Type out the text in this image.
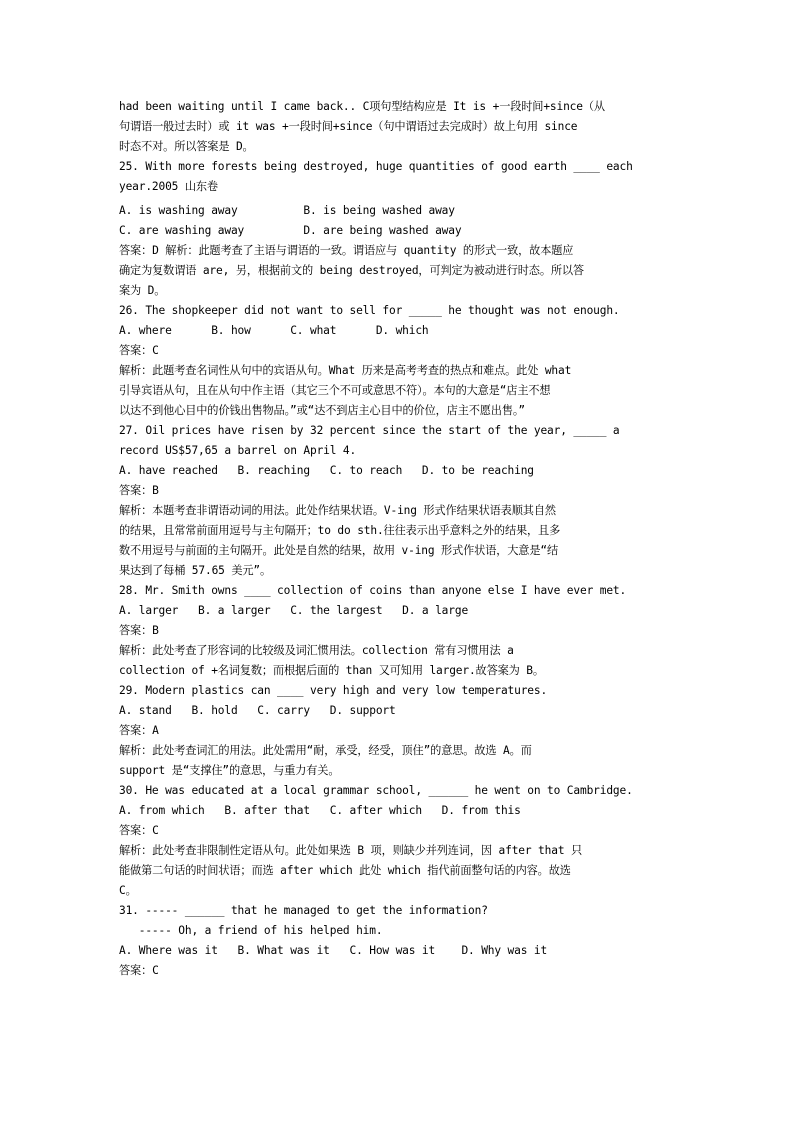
had been waiting until I came back.. C项句型结构应是 It is +一段时间+since（从
句谓语一般过去时）或 it was +一段时间+since（句中谓语过去完成时）故上句用 since
时态不对。所以答案是 D。
25. With more forests being destroyed, huge quantities of good earth ____ each
year.2005 山东卷
A. is washing away          B. is being washed away
C. are washing away         D. are being washed away
答案：D 解析：此题考查了主语与谓语的一致。谓语应与 quantity 的形式一致，故本题应
确定为复数谓语 are, 另，根据前文的 being destroyed，可判定为被动进行时态。所以答
案为 D。
26. The shopkeeper did not want to sell for _____ he thought was not enough.
A. where      B. how      C. what      D. which
答案：C
解析：此题考查名词性从句中的宾语从句。What 历来是高考考查的热点和难点。此处 what
引导宾语从句，且在从句中作主语（其它三个不可或意思不符）。本句的大意是“店主不想
以达不到他心目中的价钱出售物品。”或“达不到店主心目中的价位，店主不愿出售。”
27. Oil prices have risen by 32 percent since the start of the year, _____ a
record US$57,65 a barrel on April 4.
A. have reached   B. reaching   C. to reach   D. to be reaching
答案：B
解析：本题考查非谓语动词的用法。此处作结果状语。V-ing 形式作结果状语表顺其自然
的结果，且常常前面用逗号与主句隔开；to do sth.往往表示出乎意料之外的结果，且多
数不用逗号与前面的主句隔开。此处是自然的结果，故用 v-ing 形式作状语，大意是“结
果达到了每桶 57.65 美元”。
28. Mr. Smith owns ____ collection of coins than anyone else I have ever met.
A. larger   B. a larger   C. the largest   D. a large
答案：B
解析：此处考查了形容词的比较级及词汇惯用法。collection 常有习惯用法 a
collection of +名词复数；而根据后面的 than 又可知用 larger.故答案为 B。
29. Modern plastics can ____ very high and very low temperatures.
A. stand   B. hold   C. carry   D. support
答案：A
解析：此处考查词汇的用法。此处需用“耐，承受，经受，顶住”的意思。故选 A。而
support 是“支撑住”的意思，与重力有关。
30. He was educated at a local grammar school, ______ he went on to Cambridge.
A. from which   B. after that   C. after which   D. from this
答案：C
解析：此处考查非限制性定语从句。此处如果选 B 项，则缺少并列连词，因 after that 只
能做第二句话的时间状语；而选 after which 此处 which 指代前面整句话的内容。故选
C。
31. ----- ______ that he managed to get the information?
----- Oh, a friend of his helped him.
A. Where was it   B. What was it   C. How was it    D. Why was it
答案：C
